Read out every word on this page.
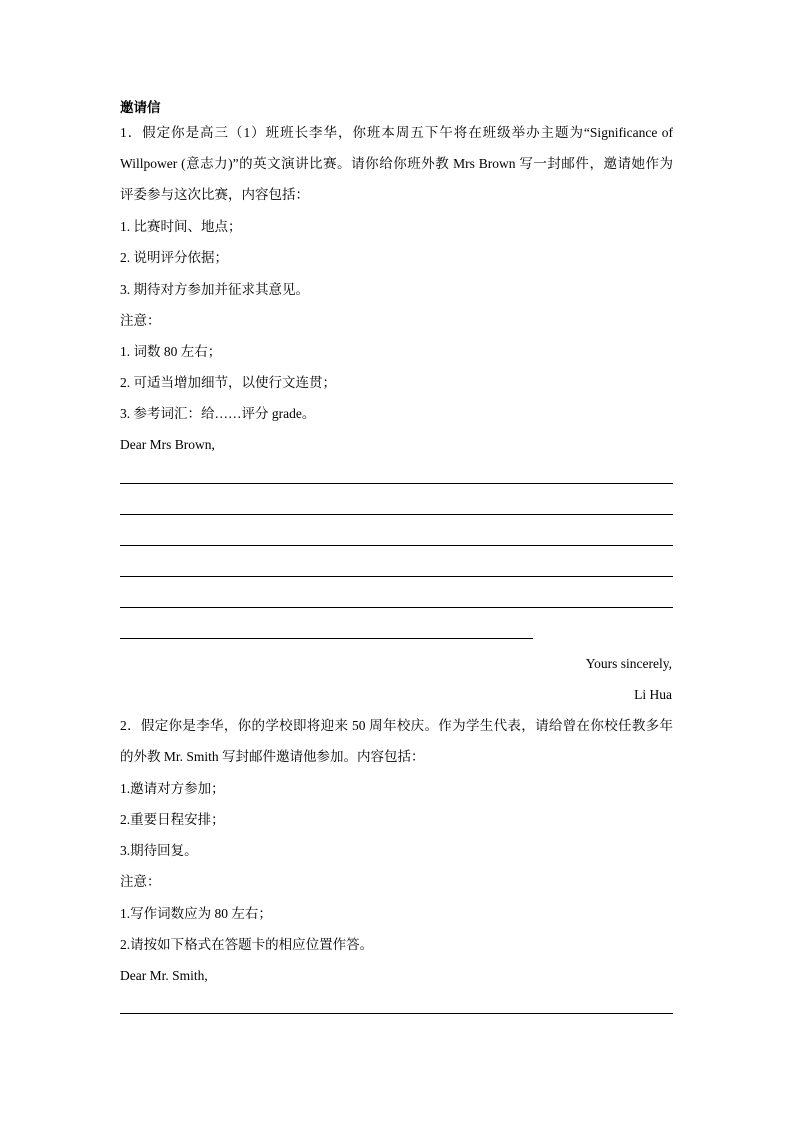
邀请信
1．假定你是高三（1）班班长李华，你班本周五下午将在班级举办主题为“Significance of
Willpower (意志力)”的英文演讲比赛。请你给你班外教 Mrs Brown 写一封邮件，邀请她作为
评委参与这次比赛，内容包括：
1. 比赛时间、地点；
2. 说明评分依据；
3. 期待对方参加并征求其意见。
注意：
1. 词数 80 左右；
2. 可适当增加细节，以使行文连贯；
3. 参考词汇：给……评分 grade。
Dear Mrs Brown,
Yours sincerely,
Li Hua
2．假定你是李华，你的学校即将迎来 50 周年校庆。作为学生代表，请给曾在你校任教多年
的外教 Mr. Smith 写封邮件邀请他参加。内容包括：
1.邀请对方参加；
2.重要日程安排；
3.期待回复。
注意：
1.写作词数应为 80 左右；
2.请按如下格式在答题卡的相应位置作答。
Dear Mr. Smith,
